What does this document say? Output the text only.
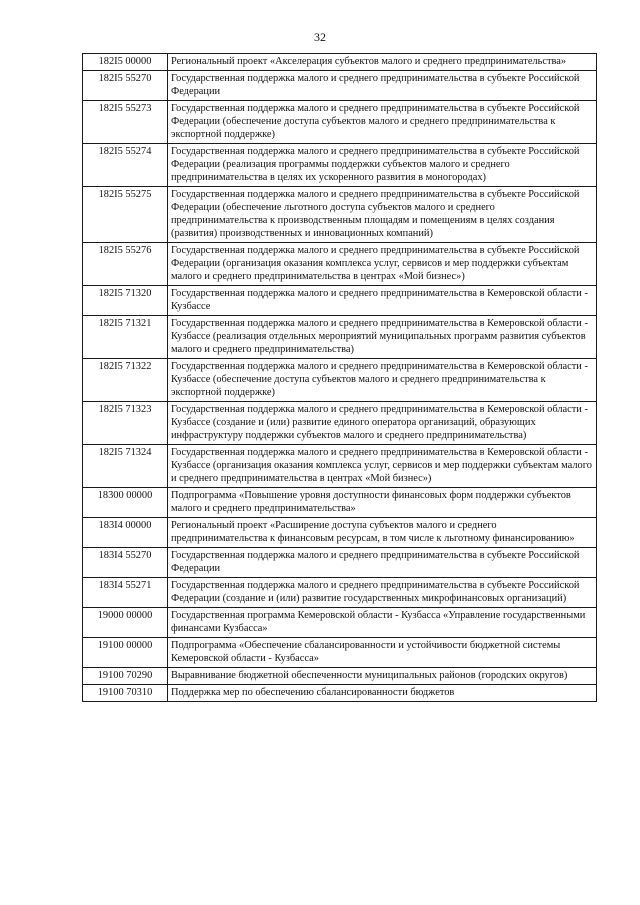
32
182I5 00000	Региональный проект «Акселерация субъектов малого и среднего предпринимательства»
182I5 55270	Государственная поддержка малого и среднего предпринимательства в субъекте Российской Федерации
182I5 55273	Государственная поддержка малого и среднего предпринимательства в субъекте Российской Федерации (обеспечение доступа субъектов малого и среднего предпринимательства к экспортной поддержке)
182I5 55274	Государственная поддержка малого и среднего предпринимательства в субъекте Российской Федерации (реализация программы поддержки субъектов малого и среднего предпринимательства в целях их ускоренного развития в моногородах)
182I5 55275	Государственная поддержка малого и среднего предпринимательства в субъекте Российской Федерации (обеспечение льготного доступа субъектов малого и среднего предпринимательства к производственным площадям и помещениям в целях создания (развития) производственных и инновационных компаний)
182I5 55276	Государственная поддержка малого и среднего предпринимательства в субъекте Российской Федерации (организация оказания комплекса услуг, сервисов и мер поддержки субъектам малого и среднего предпринимательства в центрах «Мой бизнес»)
182I5 71320	Государственная поддержка малого и среднего предпринимательства в Кемеровской области - Кузбассе
182I5 71321	Государственная поддержка малого и среднего предпринимательства в Кемеровской области - Кузбассе (реализация отдельных мероприятий муниципальных программ развития субъектов малого и среднего предпринимательства)
182I5 71322	Государственная поддержка малого и среднего предпринимательства в Кемеровской области - Кузбассе (обеспечение доступа субъектов малого и среднего предпринимательства к экспортной поддержке)
182I5 71323	Государственная поддержка малого и среднего предпринимательства в Кемеровской области - Кузбассе (создание и (или) развитие единого оператора организаций, образующих инфраструктуру поддержки субъектов малого и среднего предпринимательства)
182I5 71324	Государственная поддержка малого и среднего предпринимательства в Кемеровской области - Кузбассе (организация оказания комплекса услуг, сервисов и мер поддержки субъектам малого и среднего предпринимательства в центрах «Мой бизнес»)
18300 00000	Подпрограмма «Повышение уровня доступности финансовых форм поддержки субъектов малого и среднего предпринимательства»
183I4 00000	Региональный проект «Расширение доступа субъектов малого и среднего предпринимательства к финансовым ресурсам, в том числе к льготному финансированию»
183I4 55270	Государственная поддержка малого и среднего предпринимательства в субъекте Российской Федерации
183I4 55271	Государственная поддержка малого и среднего предпринимательства в субъекте Российской Федерации (создание и (или) развитие государственных микрофинансовых организаций)
19000 00000	Государственная программа Кемеровской области - Кузбасса «Управление государственными финансами Кузбасса»
19100 00000	Подпрограмма «Обеспечение сбалансированности и устойчивости бюджетной системы Кемеровской области - Кузбасса»
19100 70290	Выравнивание бюджетной обеспеченности муниципальных районов (городских округов)
19100 70310	Поддержка мер по обеспечению сбалансированности бюджетов
